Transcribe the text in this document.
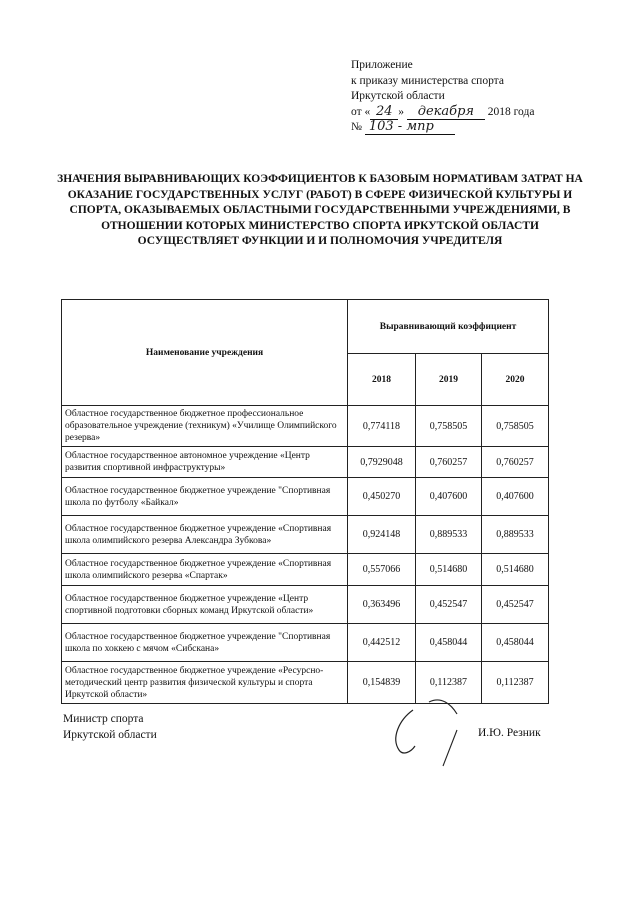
Приложение
к приказу министерства спорта
Иркутской области
от « 24 » декабря 2018 года
№ 103 - мпр
ЗНАЧЕНИЯ ВЫРАВНИВАЮЩИХ КОЭФФИЦИЕНТОВ К БАЗОВЫМ НОРМАТИВАМ ЗАТРАТ НА ОКАЗАНИЕ ГОСУДАРСТВЕННЫХ УСЛУГ (РАБОТ) В СФЕРЕ ФИЗИЧЕСКОЙ КУЛЬТУРЫ И СПОРТА, ОКАЗЫВАЕМЫХ ОБЛАСТНЫМИ ГОСУДАРСТВЕННЫМИ УЧРЕЖДЕНИЯМИ, В ОТНОШЕНИИ КОТОРЫХ МИНИСТЕРСТВО СПОРТА ИРКУТСКОЙ ОБЛАСТИ ОСУЩЕСТВЛЯЕТ ФУНКЦИИ И И ПОЛНОМОЧИЯ УЧРЕДИТЕЛЯ
Наименование учреждения	Выравнивающий коэффициент		
	2018	2019	2020
Областное государственное бюджетное профессиональное образовательное учреждение (техникум) «Училище Олимпийского резерва»	0,774118	0,758505	0,758505
Областное государственное автономное учреждение «Центр развития спортивной инфраструктуры»	0,7929048	0,760257	0,760257
Областное государственное бюджетное учреждение "Спортивная школа по футболу «Байкал»	0,450270	0,407600	0,407600
Областное государственное бюджетное учреждение «Спортивная школа олимпийского резерва Александра Зубкова»	0,924148	0,889533	0,889533
Областное государственное бюджетное учреждение «Спортивная школа олимпийского резерва «Спартак»	0,557066	0,514680	0,514680
Областное государственное бюджетное учреждение «Центр спортивной подготовки сборных команд Иркутской области»	0,363496	0,452547	0,452547
Областное государственное бюджетное учреждение "Спортивная школа по хоккею с мячом «Сибскана»	0,442512	0,458044	0,458044
Областное государственное бюджетное учреждение «Ресурсно-методический центр развития физической культуры и спорта Иркутской области»	0,154839	0,112387	0,112387
Министр спорта
Иркутской области	И.Ю. Резник
